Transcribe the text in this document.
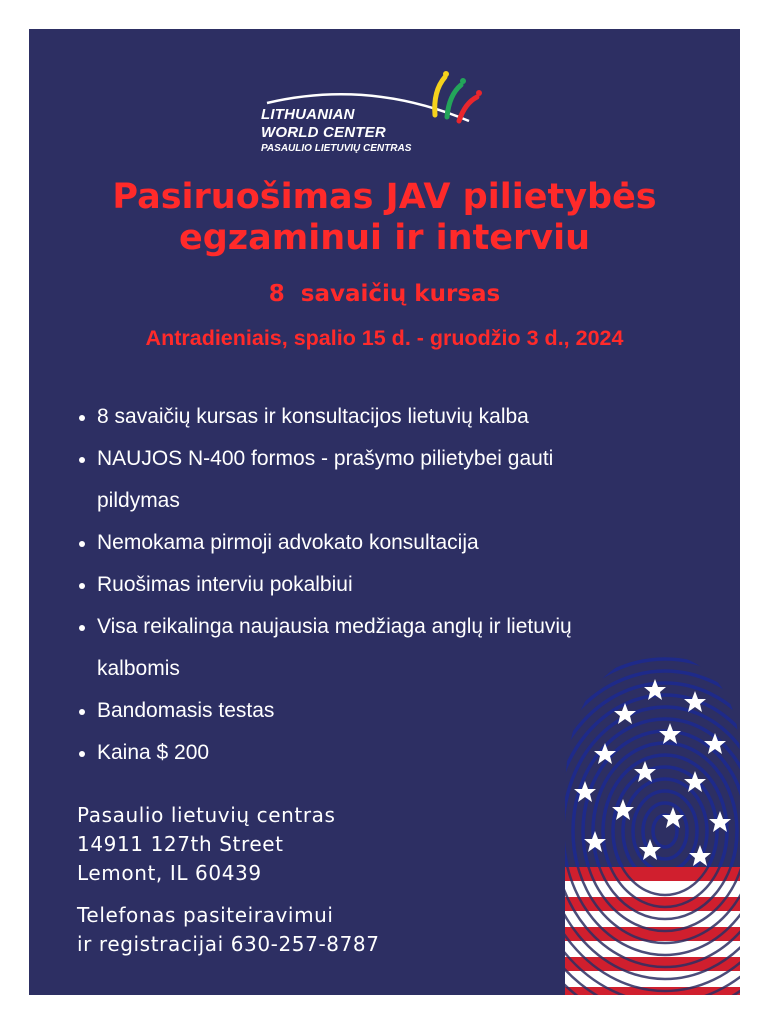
LITHUANIAN
WORLD CENTER
PASAULIO LIETUVIŲ CENTRAS
Pasiruošimas JAV pilietybės egzaminui ir interviu
8  savaičių kursas
Antradieniais, spalio 15 d. - gruodžio 3 d., 2024
8 savaičių kursas ir konsultacijos lietuvių kalba
NAUJOS N-400 formos - prašymo pilietybei gauti pildymas
Nemokama pirmoji advokato konsultacija
Ruošimas interviu pokalbiui
Visa reikalinga naujausia medžiaga anglų ir lietuvių kalbomis
Bandomasis testas
Kaina $ 200
Pasaulio lietuvių centras
14911 127th Street
Lemont, IL 60439
Telefonas pasiteiravimui
ir registracijai 630-257-8787
